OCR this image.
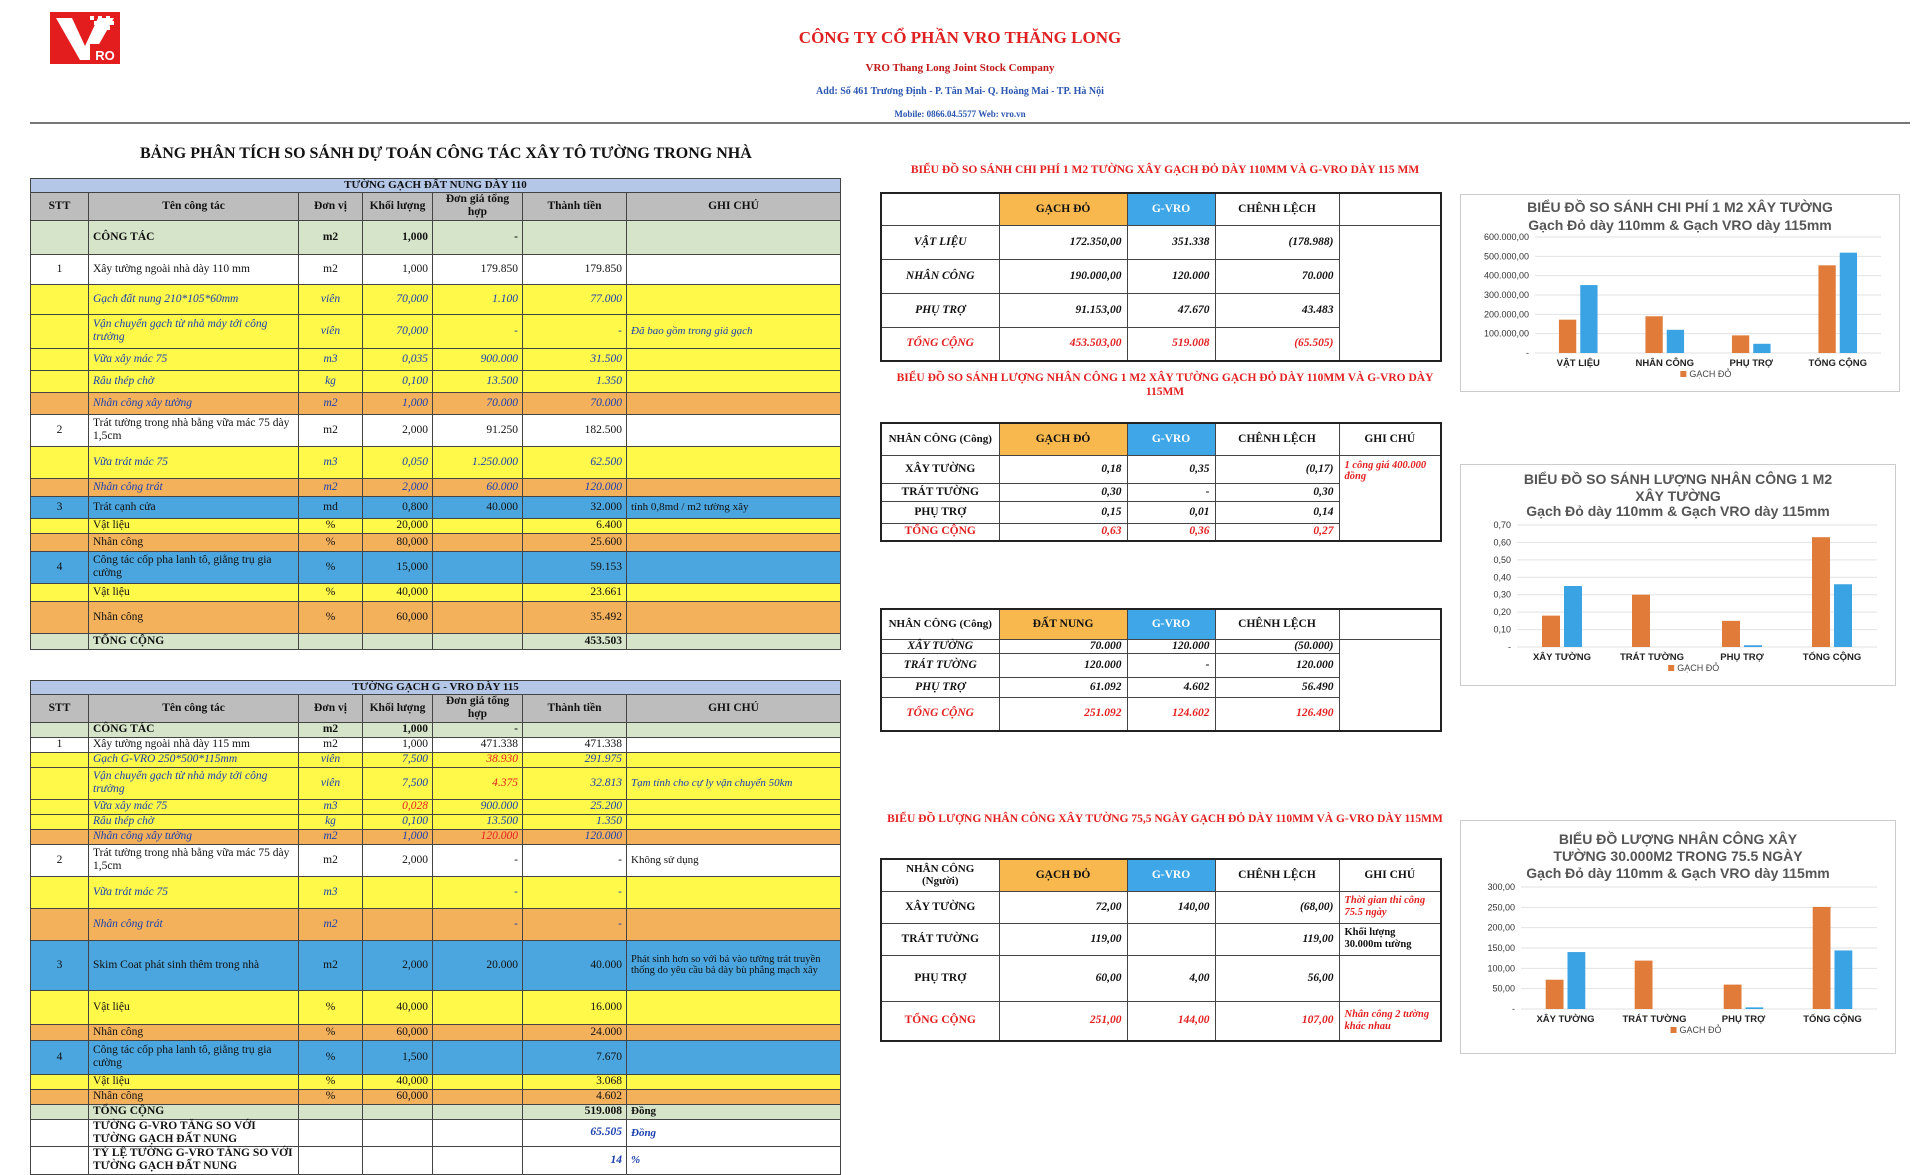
RO
CÔNG TY CỔ PHẦN VRO THĂNG LONG
VRO Thang Long Joint Stock Company
Add: Số 461 Trương Định - P. Tân Mai- Q. Hoàng Mai - TP. Hà Nội
Mobile: 0866.04.5577 Web: vro.vn
BẢNG PHÂN TÍCH SO SÁNH DỰ TOÁN CÔNG TÁC XÂY TÔ TƯỜNG TRONG NHÀ
TƯỜNG GẠCH ĐẤT NUNG DÀY 110						
STT	Tên công tác	Đơn vị	Khối lượng	Đơn giá tổng hợp	Thành tiền	GHI CHÚ
	CÔNG TÁC	m2	1,000	-		
1	Xây tường ngoài nhà dày 110 mm	m2	1,000	179.850	179.850	
	Gạch đất nung 210*105*60mm	viên	70,000	1.100	77.000	
	Vận chuyển gạch từ nhà máy tới công trường	viên	70,000	-	-	Đã bao gồm trong giá gạch
	Vữa xây mác 75	m3	0,035	900.000	31.500	
	Râu thép chờ	kg	0,100	13.500	1.350	
	Nhân công xây tường	m2	1,000	70.000	70.000	
2	Trát tường trong nhà bằng vữa mác 75 dày 1,5cm	m2	2,000	91.250	182.500	
	Vữa trát mác 75	m3	0,050	1.250.000	62.500	
	Nhân công trát	m2	2,000	60.000	120.000	
3	Trát cạnh cửa	md	0,800	40.000	32.000	tính 0,8md / m2 tường xây
	Vật liệu	%	20,000		6.400	
	Nhân công	%	80,000		25.600	
4	Công tác cốp pha lanh tô, giằng trụ gia cường	%	15,000		59.153	
	Vật liệu	%	40,000		23.661	
	Nhân công	%	60,000		35.492	
	TỔNG CỘNG				453.503	
TƯỜNG GẠCH G - VRO DÀY 115						
STT	Tên công tác	Đơn vị	Khối lượng	Đơn giá tổng hợp	Thành tiền	GHI CHÚ
	CÔNG TÁC	m2	1,000	-		
1	Xây tường ngoài nhà dày 115 mm	m2	1,000	471.338	471.338	
	Gạch G-VRO 250*500*115mm	viên	7,500	38.930	291.975	
	Vận chuyển gạch từ nhà máy tới công trường	viên	7,500	4.375	32.813	Tạm tính cho cự ly vận chuyển 50km
	Vữa xây mác 75	m3	0,028	900.000	25.200	
	Râu thép chờ	kg	0,100	13.500	1.350	
	Nhân công xây tường	m2	1,000	120.000	120.000	
2	Trát tường trong nhà bằng vữa mác 75 dày 1,5cm	m2	2,000	-	-	Không sử dụng
	Vữa trát mác 75	m3		-	-	
	Nhân công trát	m2		-	-	
3	Skim Coat phát sinh thêm trong nhà	m2	2,000	20.000	40.000	Phát sinh hơn so với bả vào tường trát truyền thống do yêu cầu bả dày bù phẳng mạch xây
	Vật liệu	%	40,000		16.000	
	Nhân công	%	60,000		24.000	
4	Công tác cốp pha lanh tô, giằng trụ gia cường	%	1,500		7.670	
	Vật liệu	%	40,000		3.068	
	Nhân công	%	60,000		4.602	
	TỔNG CỘNG				519.008	Đồng
	TƯỜNG G-VRO TĂNG SO VỚI TƯỜNG GẠCH ĐẤT NUNG				65.505	Đồng
	TỶ LỆ TƯỜNG G-VRO TĂNG SO VỚI TƯỜNG GẠCH ĐẤT NUNG				14	%
BIỂU ĐỒ SO SÁNH CHI PHÍ 1 M2 TƯỜNG XÂY GẠCH ĐỎ DÀY 110MM VÀ G-VRO DÀY 115 MM
	GẠCH ĐỎ	G-VRO	CHÊNH LỆCH	
VẬT LIỆU	172.350,00	351.338	(178.988)	
NHÂN CÔNG	190.000,00	120.000	70.000	
PHỤ TRỢ	91.153,00	47.670	43.483	
TỔNG CỘNG	453.503,00	519.008	(65.505)	
BIỂU ĐỒ SO SÁNH LƯỢNG NHÂN CÔNG 1 M2 XÂY TƯỜNG GẠCH ĐỎ DÀY 110MM VÀ G-VRO DÀY 115MM
NHÂN CÔNG (Công)	GẠCH ĐỎ	G-VRO	CHÊNH LỆCH	GHI CHÚ
XÂY TƯỜNG	0,18	0,35	(0,17)	1 công giá 400.000 đồng
TRÁT TƯỜNG	0,30	-	0,30	
PHỤ TRỢ	0,15	0,01	0,14	
TỔNG CỘNG	0,63	0,36	0,27	
NHÂN CÔNG (Công)	ĐẤT NUNG	G-VRO	CHÊNH LỆCH	
XÂY TƯỜNG	70.000	120.000	(50.000)	
TRÁT TƯỜNG	120.000	-	120.000	
PHỤ TRỢ	61.092	4.602	56.490	
TỔNG CỘNG	251.092	124.602	126.490	
BIỂU ĐỒ LƯỢNG NHÂN CÔNG XÂY TƯỜNG 75,5 NGÀY GẠCH ĐỎ DÀY 110MM VÀ G-VRO DÀY 115MM
NHÂN CÔNG (Người)	GẠCH ĐỎ	G-VRO	CHÊNH LỆCH	GHI CHÚ
XÂY TƯỜNG	72,00	140,00	(68,00)	Thời gian thi công 75.5 ngày
TRÁT TƯỜNG	119,00		119,00	Khối lượng 30.000m tường
PHỤ TRỢ	60,00	4,00	56,00	
TỔNG CỘNG	251,00	144,00	107,00	Nhân công 2 tường khác nhau
BIỂU ĐỒ SO SÁNH CHI PHÍ 1 M2 XÂY TƯỜNG
Gạch Đỏ dày 110mm & Gạch VRO dày 115mm
600.000,00
500.000,00
400.000,00
300.000,00
200.000,00
100.000,00
-
VẬT LIỆU	NHÂN CÔNG	PHỤ TRỢ	TỔNG CỘNG
GẠCH ĐỎ
BIỂU ĐỒ SO SÁNH LƯỢNG NHÂN CÔNG 1 M2 XÂY TƯỜNG
Gạch Đỏ dày 110mm & Gạch VRO dày 115mm
0,70
0,60
0,50
0,40
0,30
0,20
0,10
-
XÂY TƯỜNG	TRÁT TƯỜNG	PHỤ TRỢ	TỔNG CỘNG
GẠCH ĐỎ
BIỂU ĐỒ LƯỢNG NHÂN CÔNG XÂY TƯỜNG 30.000M2 TRONG 75.5 NGÀY
Gạch Đỏ dày 110mm & Gạch VRO dày 115mm
300,00
250,00
200,00
150,00
100,00
50,00
-
XÂY TƯỜNG	TRÁT TƯỜNG	PHỤ TRỢ	TỔNG CỘNG
GẠCH ĐỎ
